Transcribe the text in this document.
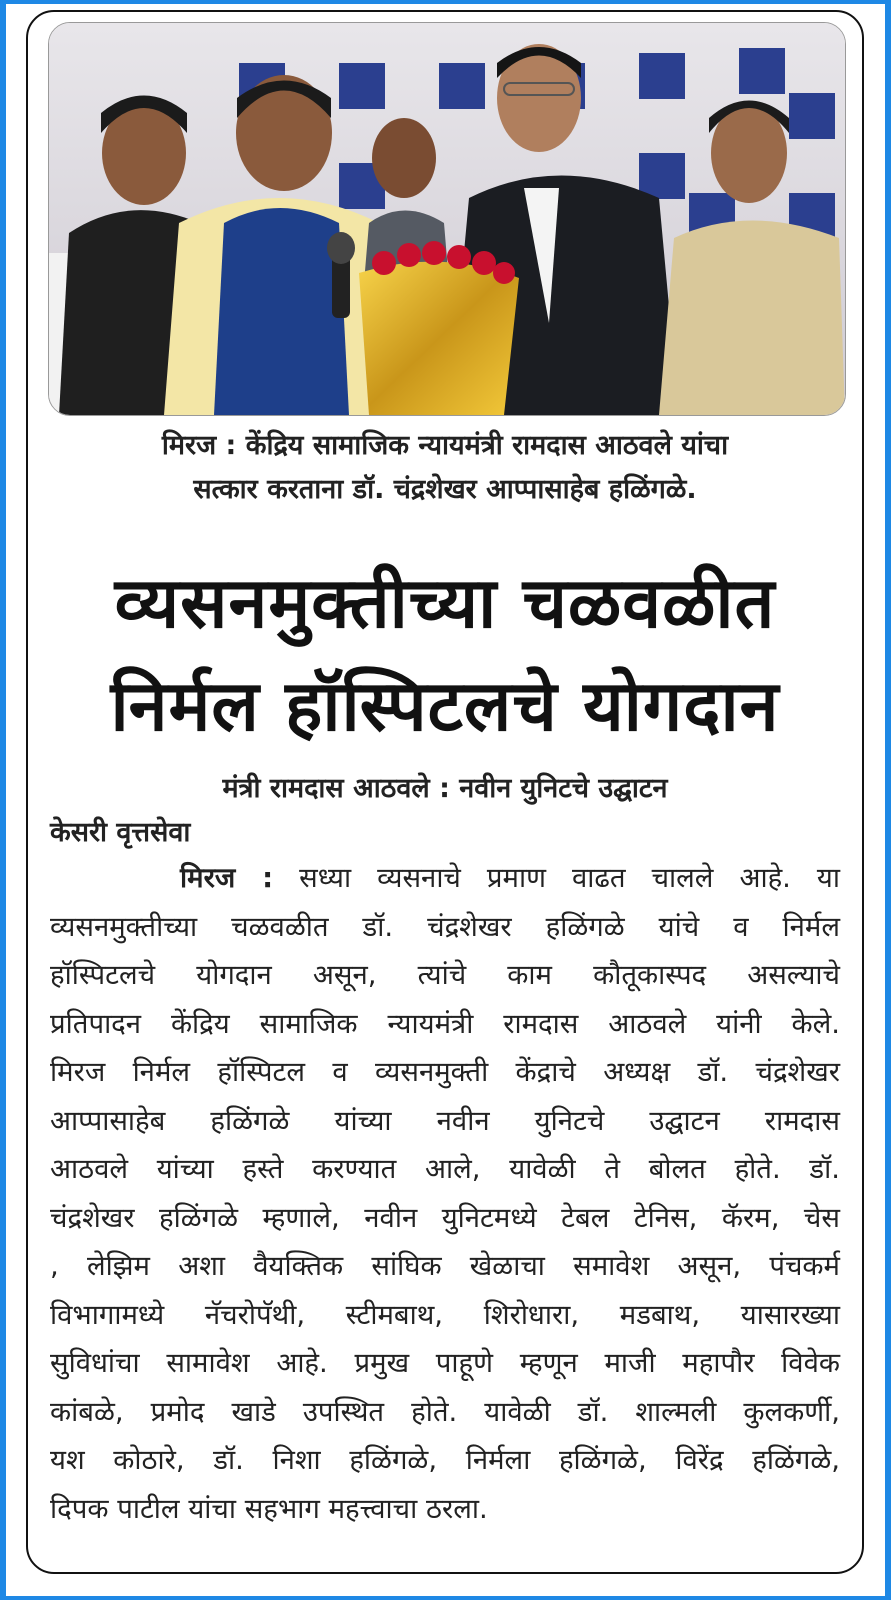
मिरज : केंद्रिय सामाजिक न्यायमंत्री रामदास आठवले यांचा
सत्कार करताना डॉ. चंद्रशेखर आप्पासाहेब हळिंगळे.
व्यसनमुक्तीच्या चळवळीत
निर्मल हॉस्पिटलचे योगदान
मंत्री रामदास आठवले : नवीन युनिटचे उद्घाटन
केसरी वृत्तसेवा
मिरज : सध्या व्यसनाचे प्रमाण वाढत चालले आहे. या
व्यसनमुक्तीच्या चळवळीत डॉ. चंद्रशेखर हळिंगळे यांचे व निर्मल
हॉस्पिटलचे योगदान असून, त्यांचे काम कौतूकास्पद असल्याचे
प्रतिपादन केंद्रिय सामाजिक न्यायमंत्री रामदास आठवले यांनी केले.
मिरज निर्मल हॉस्पिटल व व्यसनमुक्ती केंद्राचे अध्यक्ष डॉ. चंद्रशेखर
आप्पासाहेब हळिंगळे यांच्या नवीन युनिटचे उद्घाटन रामदास
आठवले यांच्या हस्ते करण्यात आले, यावेळी ते बोलत होते. डॉ.
चंद्रशेखर हळिंगळे म्हणाले, नवीन युनिटमध्ये टेबल टेनिस, कॅरम, चेस
, लेझिम अशा वैयक्तिक सांघिक खेळाचा समावेश असून, पंचकर्म
विभागामध्ये नॅचरोपॅथी, स्टीमबाथ, शिरोधारा, मडबाथ, यासारख्या
सुविधांचा सामावेश आहे. प्रमुख पाहूणे म्हणून माजी महापौर विवेक
कांबळे, प्रमोद खाडे उपस्थित होते. यावेळी डॉ. शाल्मली कुलकर्णी,
यश कोठारे, डॉ. निशा हळिंगळे, निर्मला हळिंगळे, विरेंद्र हळिंगळे,
दिपक पाटील यांचा सहभाग महत्त्वाचा ठरला.
